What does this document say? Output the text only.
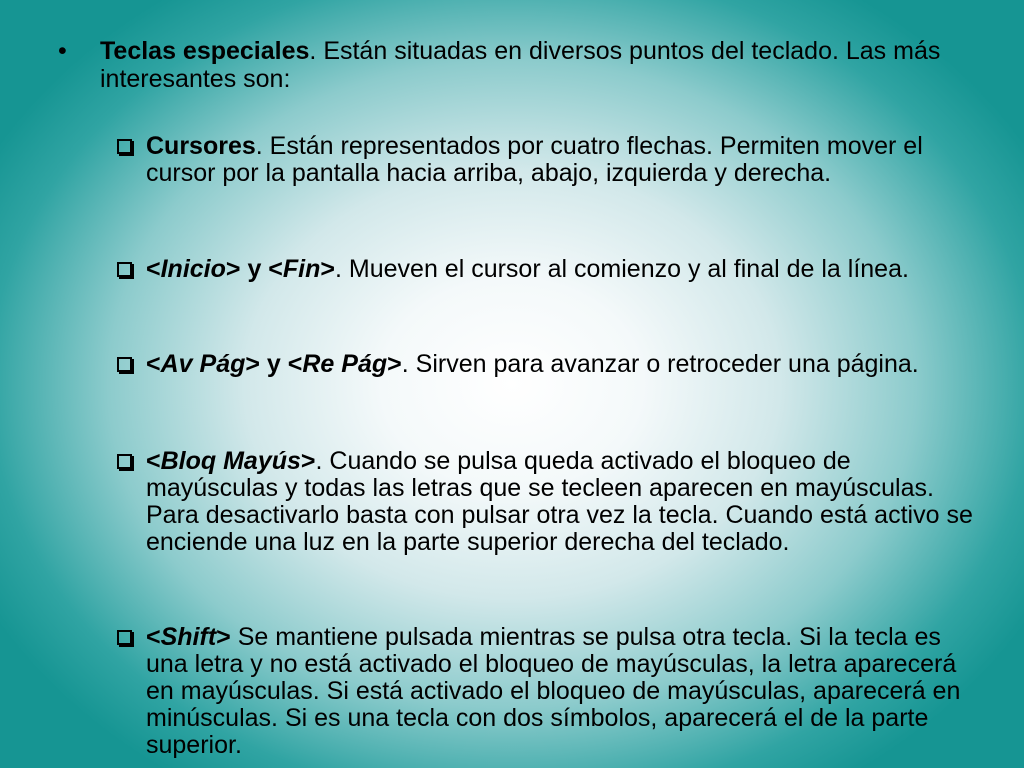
• Teclas especiales. Están situadas en diversos puntos del teclado. Las más interesantes son:
Cursores. Están representados por cuatro flechas. Permiten mover el cursor por la pantalla hacia arriba, abajo, izquierda y derecha.
<Inicio> y <Fin>. Mueven el cursor al comienzo y al final de la línea.
<Av Pág> y <Re Pág>. Sirven para avanzar o retroceder una página.
<Bloq Mayús>. Cuando se pulsa queda activado el bloqueo de mayúsculas y todas las letras que se tecleen aparecen en mayúsculas. Para desactivarlo basta con pulsar otra vez la tecla. Cuando está activo se enciende una luz en la parte superior derecha del teclado.
<Shift> Se mantiene pulsada mientras se pulsa otra tecla. Si la tecla es una letra y no está activado el bloqueo de mayúsculas, la letra aparecerá en mayúsculas. Si está activado el bloqueo de mayúsculas, aparecerá en minúsculas. Si es una tecla con dos símbolos, aparecerá el de la parte superior.
